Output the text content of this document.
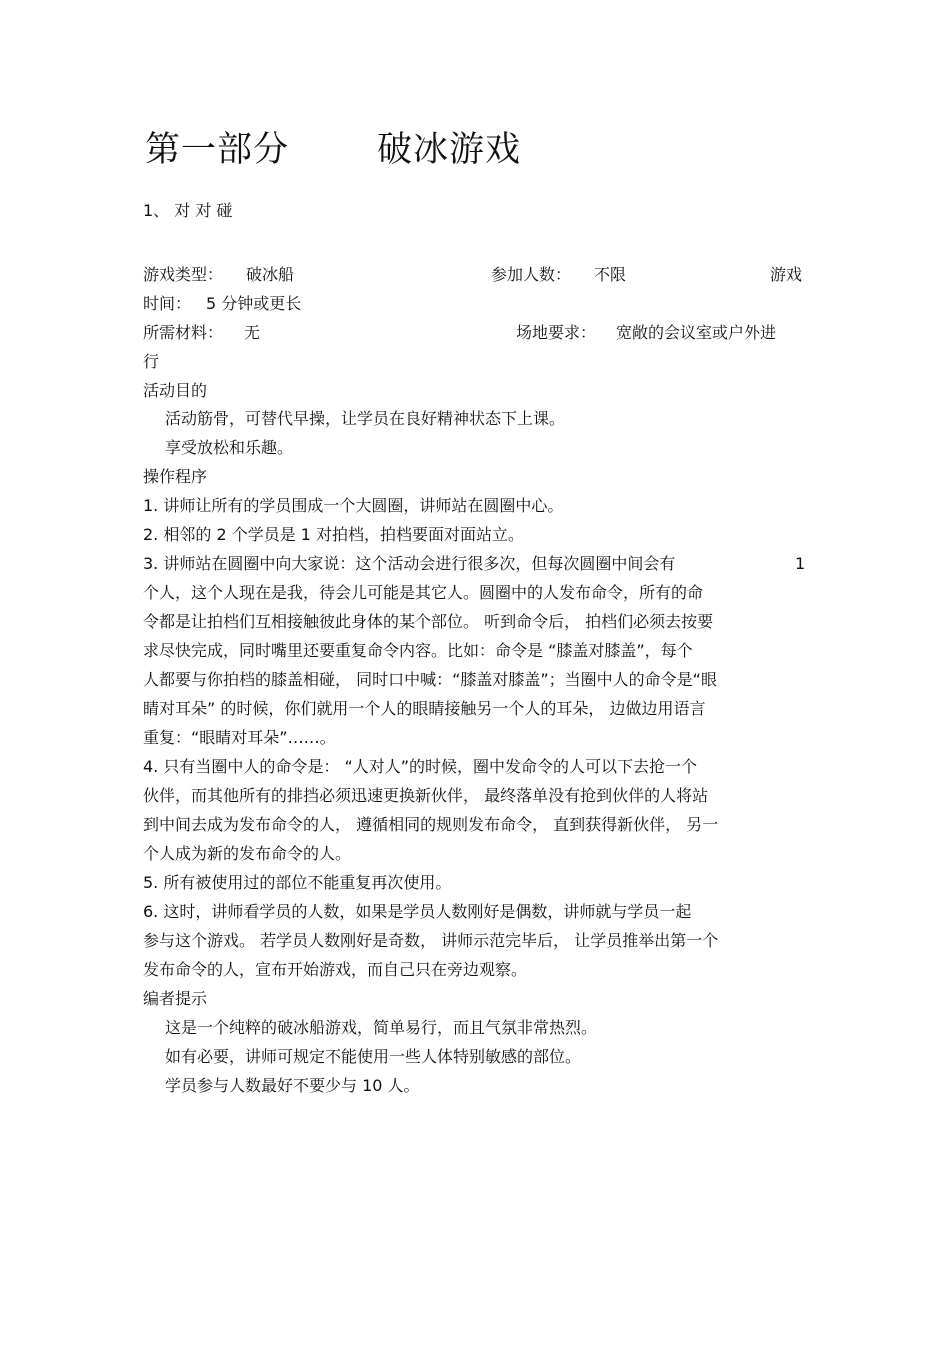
第一部分	破冰游戏
1、 对 对 碰
游戏类型： 破冰船	参加人数： 不限	游戏
时间： 5 分钟或更长
所需材料： 无	场地要求： 宽敞的会议室或户外进
行
活动目的
活动筋骨，可替代早操，让学员在良好精神状态下上课。
享受放松和乐趣。
操作程序
1. 讲师让所有的学员围成一个大圆圈，讲师站在圆圈中心。
2. 相邻的 2 个学员是 1 对拍档，拍档要面对面站立。
3. 讲师站在圆圈中向大家说：这个活动会进行很多次，但每次圆圈中间会有	1
个人，这个人现在是我，待会儿可能是其它人。圆圈中的人发布命令，所有的命
令都是让拍档们互相接触彼此身体的某个部位。 听到命令后， 拍档们必须去按要
求尽快完成，同时嘴里还要重复命令内容。比如：命令是 “膝盖对膝盖”，每个
人都要与你拍档的膝盖相碰， 同时口中喊：“膝盖对膝盖”；当圈中人的命令是“眼
睛对耳朵” 的时候，你们就用一个人的眼睛接触另一个人的耳朵， 边做边用语言
重复：“眼睛对耳朵”……。
4. 只有当圈中人的命令是： “人对人”的时候，圈中发命令的人可以下去抢一个
伙伴，而其他所有的排挡必须迅速更换新伙伴， 最终落单没有抢到伙伴的人将站
到中间去成为发布命令的人， 遵循相同的规则发布命令， 直到获得新伙伴， 另一
个人成为新的发布命令的人。
5. 所有被使用过的部位不能重复再次使用。
6. 这时，讲师看学员的人数，如果是学员人数刚好是偶数，讲师就与学员一起
参与这个游戏。 若学员人数刚好是奇数， 讲师示范完毕后， 让学员推举出第一个
发布命令的人，宣布开始游戏，而自己只在旁边观察。
编者提示
这是一个纯粹的破冰船游戏，简单易行，而且气氛非常热烈。
如有必要，讲师可规定不能使用一些人体特别敏感的部位。
学员参与人数最好不要少与 10 人。
